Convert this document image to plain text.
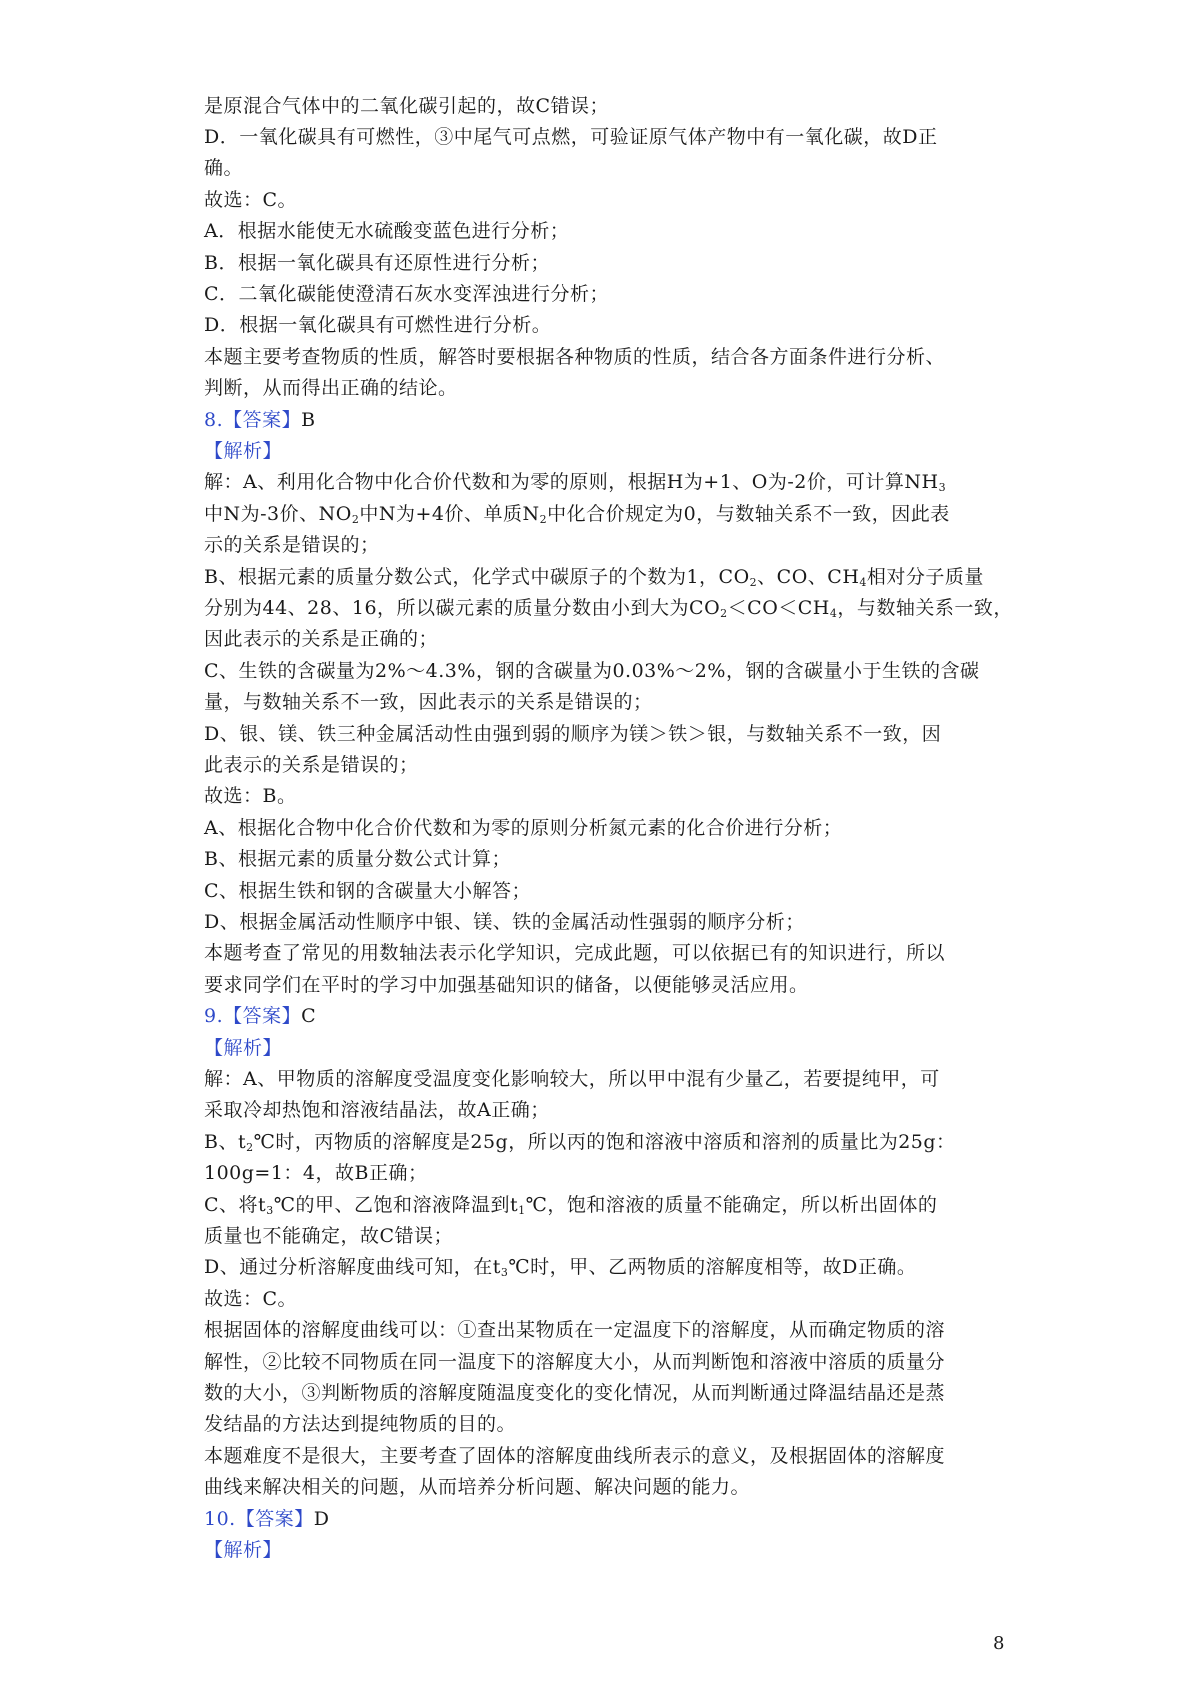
是原混合气体中的二氧化碳引起的，故C错误；
D．一氧化碳具有可燃性，③中尾气可点燃，可验证原气体产物中有一氧化碳，故D正
确。
故选：C。
A．根据水能使无水硫酸变蓝色进行分析；
B．根据一氧化碳具有还原性进行分析；
C．二氧化碳能使澄清石灰水变浑浊进行分析；
D．根据一氧化碳具有可燃性进行分析。
本题主要考查物质的性质，解答时要根据各种物质的性质，结合各方面条件进行分析、
判断，从而得出正确的结论。
8.【答案】B
【解析】
解：A、利用化合物中化合价代数和为零的原则，根据H为+1、O为-2价，可计算$NH_3$
中N为-3价、$NO_2$中N为+4价、单质$N_2$中化合价规定为0，与数轴关系不一致，因此表
示的关系是错误的；
B、根据元素的质量分数公式，化学式中碳原子的个数为1，$CO_2$、CO、$CH_4$相对分子质量
分别为44、28、16，所以碳元素的质量分数由小到大为$CO_2<CO<CH_4$，与数轴关系一致，
因此表示的关系是正确的；
C、生铁的含碳量为2%～4.3%，钢的含碳量为0.03%～2%，钢的含碳量小于生铁的含碳
量，与数轴关系不一致，因此表示的关系是错误的；
D、银、镁、铁三种金属活动性由强到弱的顺序为镁＞铁＞银，与数轴关系不一致，因
此表示的关系是错误的；
故选：B。
A、根据化合物中化合价代数和为零的原则分析氮元素的化合价进行分析；
B、根据元素的质量分数公式计算；
C、根据生铁和钢的含碳量大小解答；
D、根据金属活动性顺序中银、镁、铁的金属活动性强弱的顺序分析；
本题考查了常见的用数轴法表示化学知识，完成此题，可以依据已有的知识进行，所以
要求同学们在平时的学习中加强基础知识的储备，以便能够灵活应用。
9.【答案】C
【解析】
解：A、甲物质的溶解度受温度变化影响较大，所以甲中混有少量乙，若要提纯甲，可
采取冷却热饱和溶液结晶法，故A正确；
B、$t_2℃$时，丙物质的溶解度是25g，所以丙的饱和溶液中溶质和溶剂的质量比为25g：
100g=1：4，故B正确；
C、将$t_3℃$的甲、乙饱和溶液降温到$t_1℃$，饱和溶液的质量不能确定，所以析出固体的
质量也不能确定，故C错误；
D、通过分析溶解度曲线可知，在$t_3℃$时，甲、乙两物质的溶解度相等，故D正确。
故选：C。
根据固体的溶解度曲线可以：①查出某物质在一定温度下的溶解度，从而确定物质的溶
解性，②比较不同物质在同一温度下的溶解度大小，从而判断饱和溶液中溶质的质量分
数的大小，③判断物质的溶解度随温度变化的变化情况，从而判断通过降温结晶还是蒸
发结晶的方法达到提纯物质的目的。
本题难度不是很大，主要考查了固体的溶解度曲线所表示的意义，及根据固体的溶解度
曲线来解决相关的问题，从而培养分析问题、解决问题的能力。
10.【答案】D
【解析】
8
